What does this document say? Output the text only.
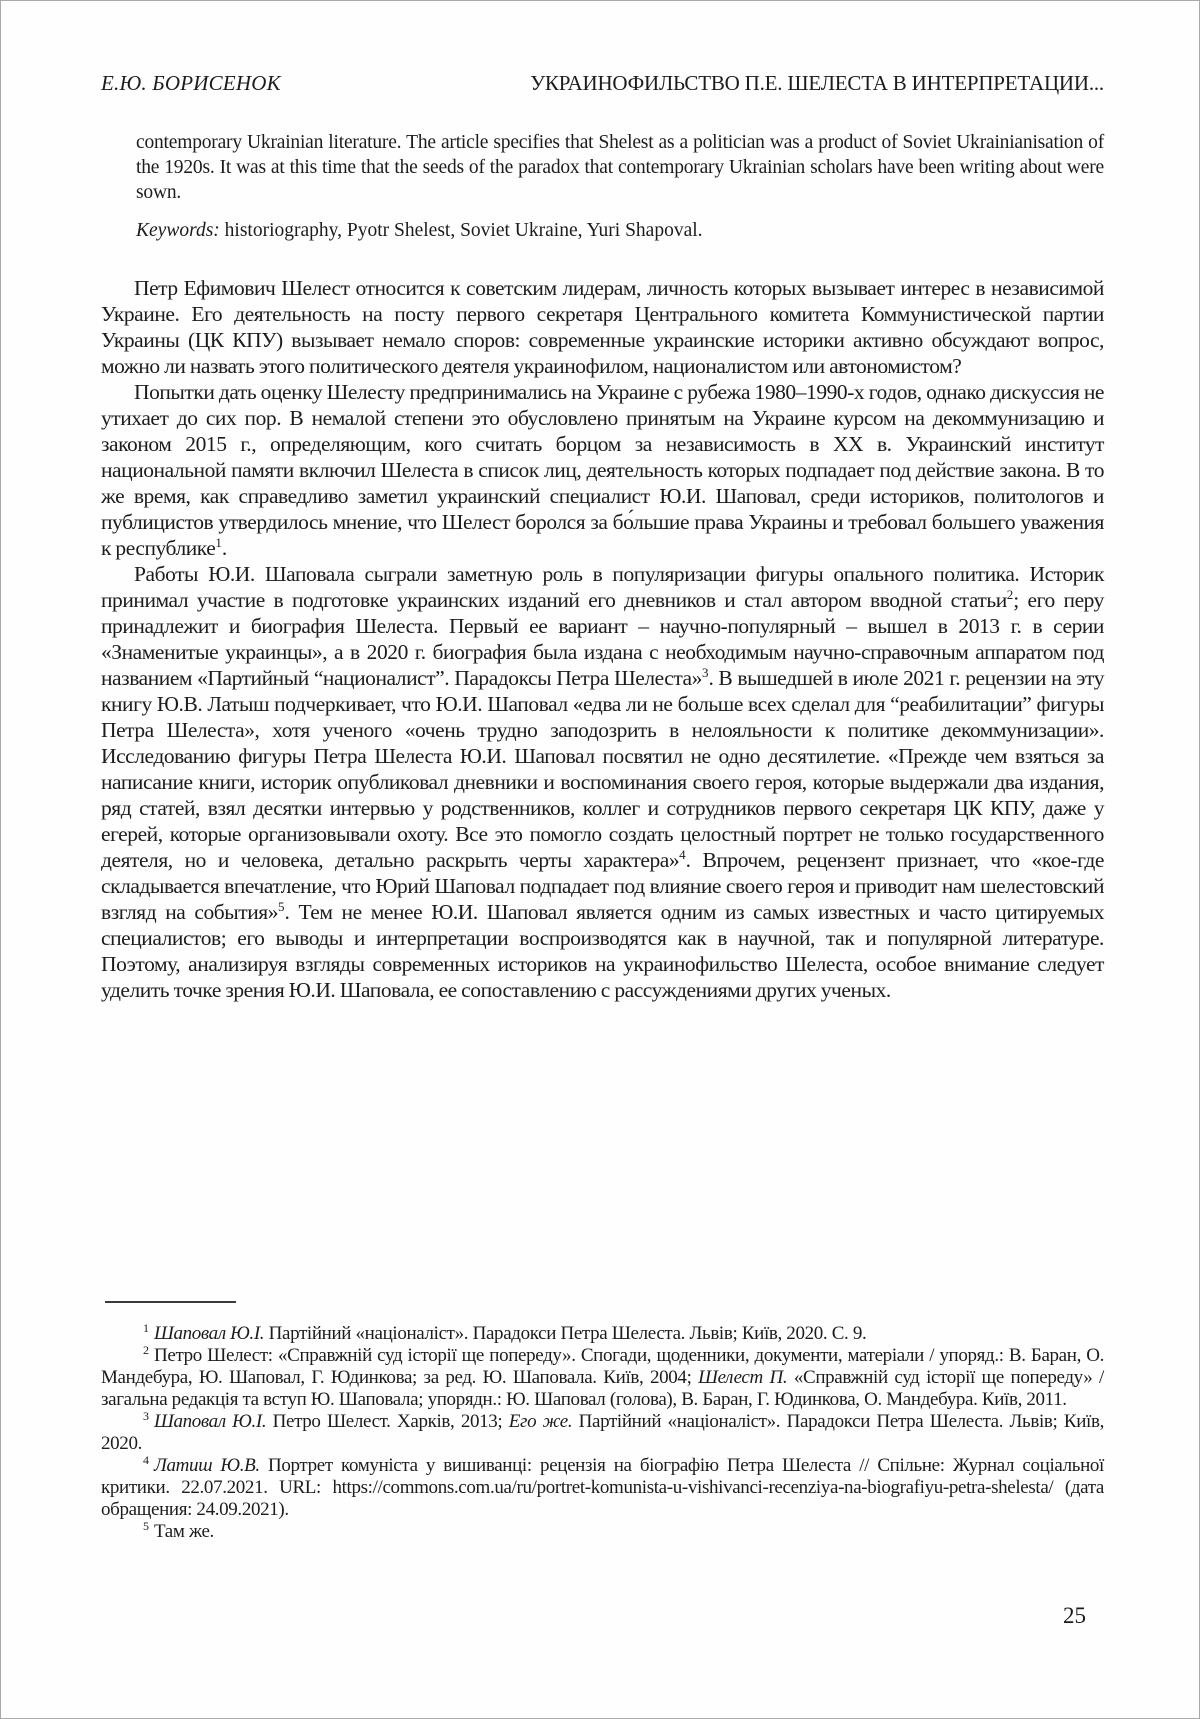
Е.Ю. БОРИСЕНОК	УКРАИНОФИЛЬСТВО П.Е. ШЕЛЕСТА В ИНТЕРПРЕТАЦИИ...
contemporary Ukrainian literature. The article specifies that Shelest as a politician was a product of Soviet Ukrainianisation of the 1920s. It was at this time that the seeds of the paradox that contemporary Ukrainian scholars have been writing about were sown.
Keywords: historiography, Pyotr Shelest, Soviet Ukraine, Yuri Shapoval.

Петр Ефимович Шелест относится к советским лидерам, личность которых вызывает интерес в независимой Украине. Его деятельность на посту первого секретаря Центрального комитета Коммунистической партии Украины (ЦК КПУ) вызывает немало споров: современные украинские историки активно обсуждают вопрос, можно ли назвать этого политического деятеля украинофилом, националистом или автономистом?

Попытки дать оценку Шелесту предпринимались на Украине с рубежа 1980–1990-х годов, однако дискуссия не утихает до сих пор. В немалой степени это обусловлено принятым на Украине курсом на декоммунизацию и законом 2015 г., определяющим, кого считать борцом за независимость в XX в. Украинский институт национальной памяти включил Шелеста в список лиц, деятельность которых подпадает под действие закона. В то же время, как справедливо заметил украинский специалист Ю.И. Шаповал, среди историков, политологов и публицистов утвердилось мнение, что Шелест боролся за бо́льшие права Украины и требовал большего уважения к республике$^1$.

Работы Ю.И. Шаповала сыграли заметную роль в популяризации фигуры опального политика. Историк принимал участие в подготовке украинских изданий его дневников и стал автором вводной статьи$^2$; его перу принадлежит и биография Шелеста. Первый ее вариант – научно-популярный – вышел в 2013 г. в серии «Знаменитые украинцы», а в 2020 г. биография была издана с необходимым научно-справочным аппаратом под названием «Партийный “националист”. Парадоксы Петра Шелеста»$^3$. В вышедшей в июле 2021 г. рецензии на эту книгу Ю.В. Латыш подчеркивает, что Ю.И. Шаповал «едва ли не больше всех сделал для “реабилитации” фигуры Петра Шелеста», хотя ученого «очень трудно заподозрить в нелояльности к политике декоммунизации». Исследованию фигуры Петра Шелеста Ю.И. Шаповал посвятил не одно десятилетие. «Прежде чем взяться за написание книги, историк опубликовал дневники и воспоминания своего героя, которые выдержали два издания, ряд статей, взял десятки интервью у родственников, коллег и сотрудников первого секретаря ЦК КПУ, даже у егерей, которые организовывали охоту. Все это помогло создать целостный портрет не только государственного деятеля, но и человека, детально раскрыть черты характера»$^4$. Впрочем, рецензент признает, что «кое-где складывается впечатление, что Юрий Шаповал подпадает под влияние своего героя и приводит нам шелестовский взгляд на события»$^5$. Тем не менее Ю.И. Шаповал является одним из самых известных и часто цитируемых специалистов; его выводы и интерпретации воспроизводятся как в научной, так и популярной литературе. Поэтому, анализируя взгляды современных историков на украинофильство Шелеста, особое внимание следует уделить точке зрения Ю.И. Шаповала, ее сопоставлению с рассуждениями других ученых.

$^1$ Шаповал Ю.І. Партійний «націоналіст». Парадокси Петра Шелеста. Львів; Київ, 2020. С. 9.

$^2$ Петро Шелест: «Справжній суд історії ще попереду». Спогади, щоденники, документи, матеріали / упоряд.: В. Баран, О. Мандебура, Ю. Шаповал, Г. Юдинкова; за ред. Ю. Шаповала. Київ, 2004; Шелест П. «Справжній суд історії ще попереду» / загальна редакція та вступ Ю. Шаповала; упорядн.: Ю. Шаповал (голова), В. Баран, Г. Юдинкова, О. Мандебура. Київ, 2011.

$^3$ Шаповал Ю.І. Петро Шелест. Харків, 2013; Его же. Партійний «націоналіст». Парадокси Петра Шелеста. Львів; Київ, 2020.

$^4$ Латиш Ю.В. Портрет комуніста у вишиванці: рецензія на біографію Петра Шелеста // Спільне: Журнал соціальної критики. 22.07.2021. URL: https://commons.com.ua/ru/portret-komunista-u-vishivanci-recenziya-na-biografiyu-petra-shelesta/ (дата обращения: 24.09.2021).

$^5$ Там же.

25
